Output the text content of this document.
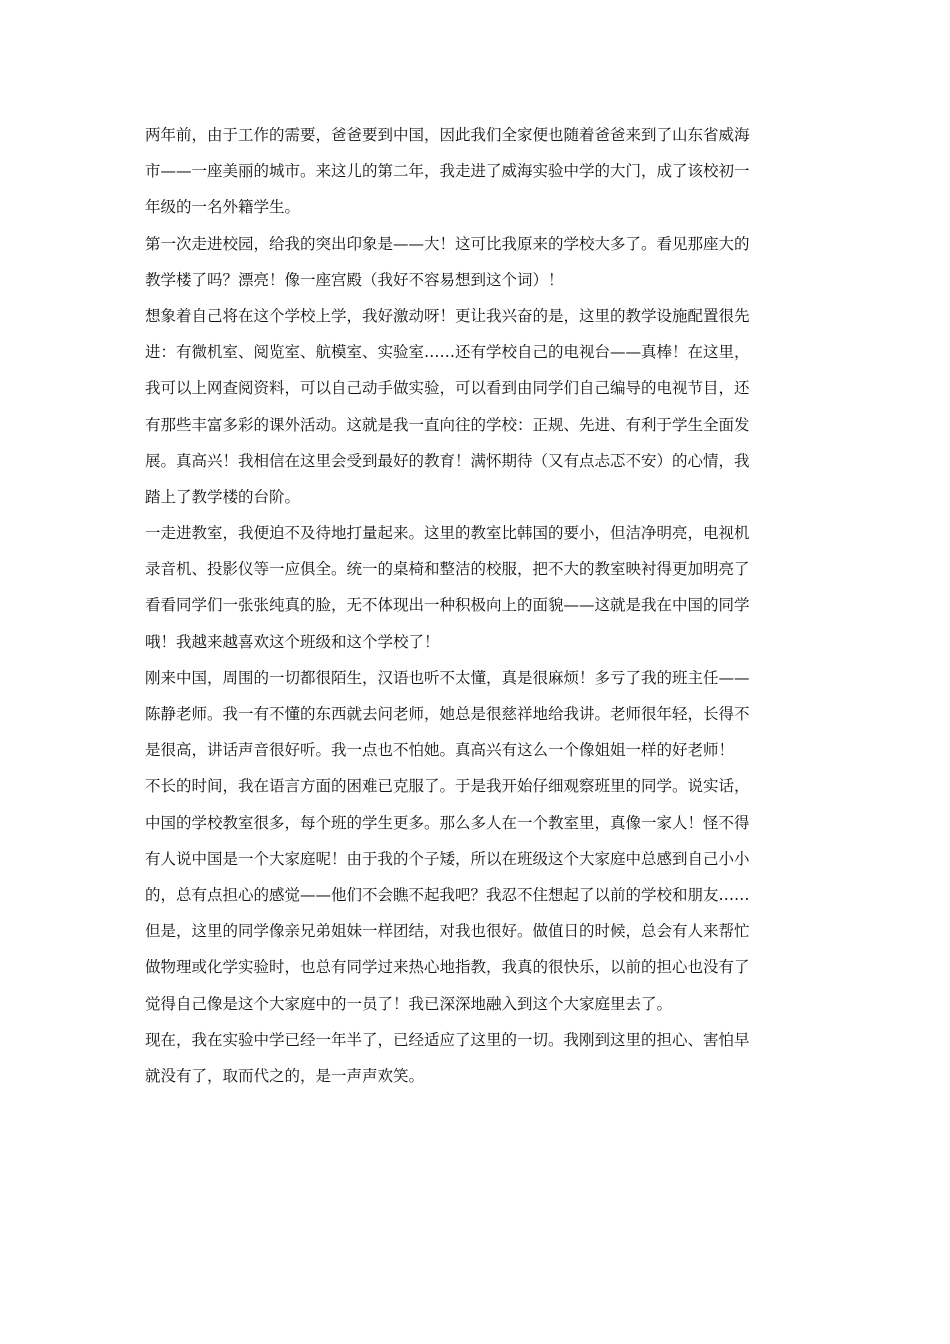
两年前，由于工作的需要，爸爸要到中国，因此我们全家便也随着爸爸来到了山东省威海
市——一座美丽的城市。来这儿的第二年，我走进了威海实验中学的大门，成了该校初一
年级的一名外籍学生。
第一次走进校园，给我的突出印象是——大！这可比我原来的学校大多了。看见那座大的
教学楼了吗？漂亮！像一座宫殿（我好不容易想到这个词）！
想象着自己将在这个学校上学，我好激动呀！更让我兴奋的是，这里的教学设施配置很先
进：有微机室、阅览室、航模室、实验室……还有学校自己的电视台——真棒！在这里，
我可以上网查阅资料，可以自己动手做实验，可以看到由同学们自己编导的电视节目，还
有那些丰富多彩的课外活动。这就是我一直向往的学校：正规、先进、有利于学生全面发
展。真高兴！我相信在这里会受到最好的教育！满怀期待（又有点忐忑不安）的心情，我
踏上了教学楼的台阶。
一走进教室，我便迫不及待地打量起来。这里的教室比韩国的要小，但洁净明亮，电视机
录音机、投影仪等一应俱全。统一的桌椅和整洁的校服，把不大的教室映衬得更加明亮了
看看同学们一张张纯真的脸，无不体现出一种积极向上的面貌——这就是我在中国的同学
哦！我越来越喜欢这个班级和这个学校了！
刚来中国，周围的一切都很陌生，汉语也听不太懂，真是很麻烦！多亏了我的班主任——
陈静老师。我一有不懂的东西就去问老师，她总是很慈祥地给我讲。老师很年轻，长得不
是很高，讲话声音很好听。我一点也不怕她。真高兴有这么一个像姐姐一样的好老师！
不长的时间，我在语言方面的困难已克服了。于是我开始仔细观察班里的同学。说实话，
中国的学校教室很多，每个班的学生更多。那么多人在一个教室里，真像一家人！怪不得
有人说中国是一个大家庭呢！由于我的个子矮，所以在班级这个大家庭中总感到自己小小
的，总有点担心的感觉——他们不会瞧不起我吧？我忍不住想起了以前的学校和朋友……
但是，这里的同学像亲兄弟姐妹一样团结，对我也很好。做值日的时候，总会有人来帮忙
做物理或化学实验时，也总有同学过来热心地指教，我真的很快乐，以前的担心也没有了
觉得自己像是这个大家庭中的一员了！我已深深地融入到这个大家庭里去了。
现在，我在实验中学已经一年半了，已经适应了这里的一切。我刚到这里的担心、害怕早
就没有了，取而代之的，是一声声欢笑。
